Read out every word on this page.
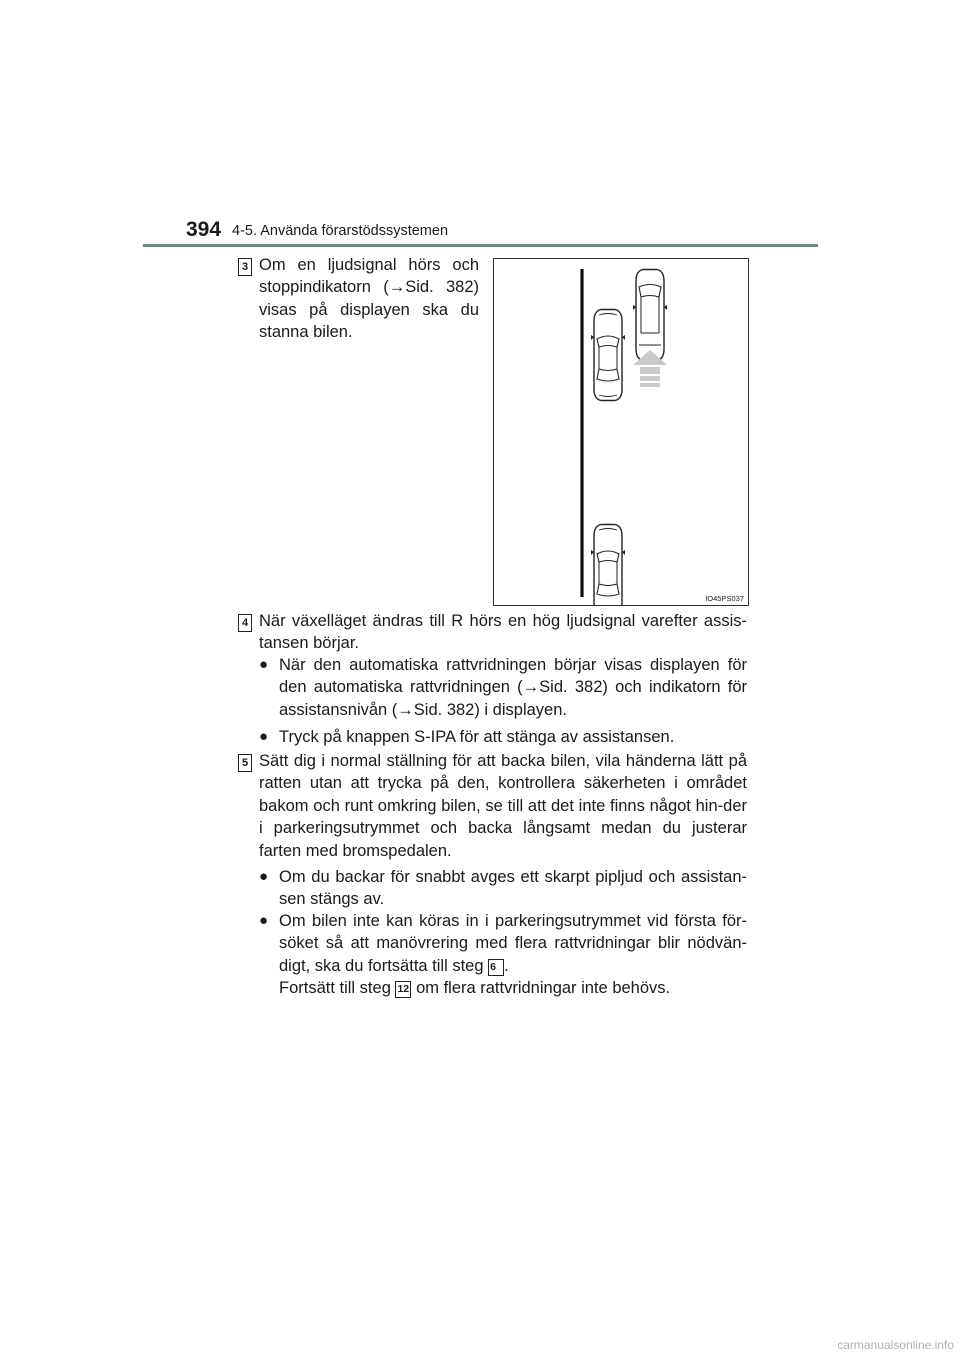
394 4-5. Använda förarstödssystemen
3 Om en ljudsignal hörs och stoppindikatorn (→Sid. 382) visas på displayen ska du stanna bilen.
IO45PS037
4 När växelläget ändras till R hörs en hög ljudsignal varefter assis-tansen börjar.
● När den automatiska rattvridningen börjar visas displayen för den automatiska rattvridningen (→Sid. 382) och indikatorn för assistansnivån (→Sid. 382) i displayen.
● Tryck på knappen S-IPA för att stänga av assistansen.
5 Sätt dig i normal ställning för att backa bilen, vila händerna lätt på ratten utan att trycka på den, kontrollera säkerheten i området bakom och runt omkring bilen, se till att det inte finns något hin-der i parkeringsutrymmet och backa långsamt medan du justerar farten med bromspedalen.
● Om du backar för snabbt avges ett skarpt pipljud och assistan-sen stängs av.
● Om bilen inte kan köras in i parkeringsutrymmet vid första för-söket så att manövrering med flera rattvridningar blir nödvän-digt, ska du fortsätta till steg 6 .
Fortsätt till steg 12 om flera rattvridningar inte behövs.
carmanualsonline.info
